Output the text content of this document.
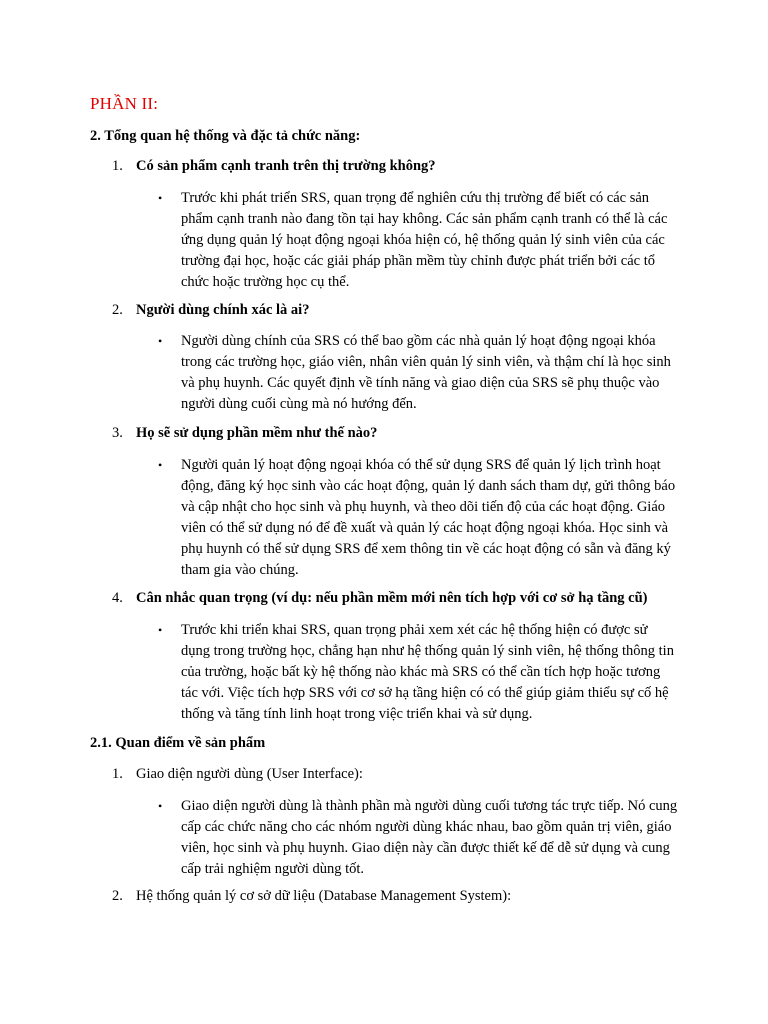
PHẦN II:
2. Tổng quan hệ thống và đặc tả chức năng:
1. Có sản phẩm cạnh tranh trên thị trường không?
•	Trước khi phát triển SRS, quan trọng để nghiên cứu thị trường để biết có các sản phẩm cạnh tranh nào đang tồn tại hay không. Các sản phẩm cạnh tranh có thể là các ứng dụng quản lý hoạt động ngoại khóa hiện có, hệ thống quản lý sinh viên của các trường đại học, hoặc các giải pháp phần mềm tùy chỉnh được phát triển bởi các tổ chức hoặc trường học cụ thể.
2. Người dùng chính xác là ai?
•	Người dùng chính của SRS có thể bao gồm các nhà quản lý hoạt động ngoại khóa trong các trường học, giáo viên, nhân viên quản lý sinh viên, và thậm chí là học sinh và phụ huynh. Các quyết định về tính năng và giao diện của SRS sẽ phụ thuộc vào người dùng cuối cùng mà nó hướng đến.
3. Họ sẽ sử dụng phần mềm như thế nào?
•	Người quản lý hoạt động ngoại khóa có thể sử dụng SRS để quản lý lịch trình hoạt động, đăng ký học sinh vào các hoạt động, quản lý danh sách tham dự, gửi thông báo và cập nhật cho học sinh và phụ huynh, và theo dõi tiến độ của các hoạt động. Giáo viên có thể sử dụng nó để đề xuất và quản lý các hoạt động ngoại khóa. Học sinh và phụ huynh có thể sử dụng SRS để xem thông tin về các hoạt động có sẵn và đăng ký tham gia vào chúng.
4. Cân nhắc quan trọng (ví dụ: nếu phần mềm mới nên tích hợp với cơ sở hạ tầng cũ)
•	Trước khi triển khai SRS, quan trọng phải xem xét các hệ thống hiện có được sử dụng trong trường học, chẳng hạn như hệ thống quản lý sinh viên, hệ thống thông tin của trường, hoặc bất kỳ hệ thống nào khác mà SRS có thể cần tích hợp hoặc tương tác với. Việc tích hợp SRS với cơ sở hạ tầng hiện có có thể giúp giảm thiểu sự cố hệ thống và tăng tính linh hoạt trong việc triển khai và sử dụng.
2.1. Quan điểm về sản phẩm
1. Giao diện người dùng (User Interface):
•	Giao diện người dùng là thành phần mà người dùng cuối tương tác trực tiếp. Nó cung cấp các chức năng cho các nhóm người dùng khác nhau, bao gồm quản trị viên, giáo viên, học sinh và phụ huynh. Giao diện này cần được thiết kế để dễ sử dụng và cung cấp trải nghiệm người dùng tốt.
2. Hệ thống quản lý cơ sở dữ liệu (Database Management System):
